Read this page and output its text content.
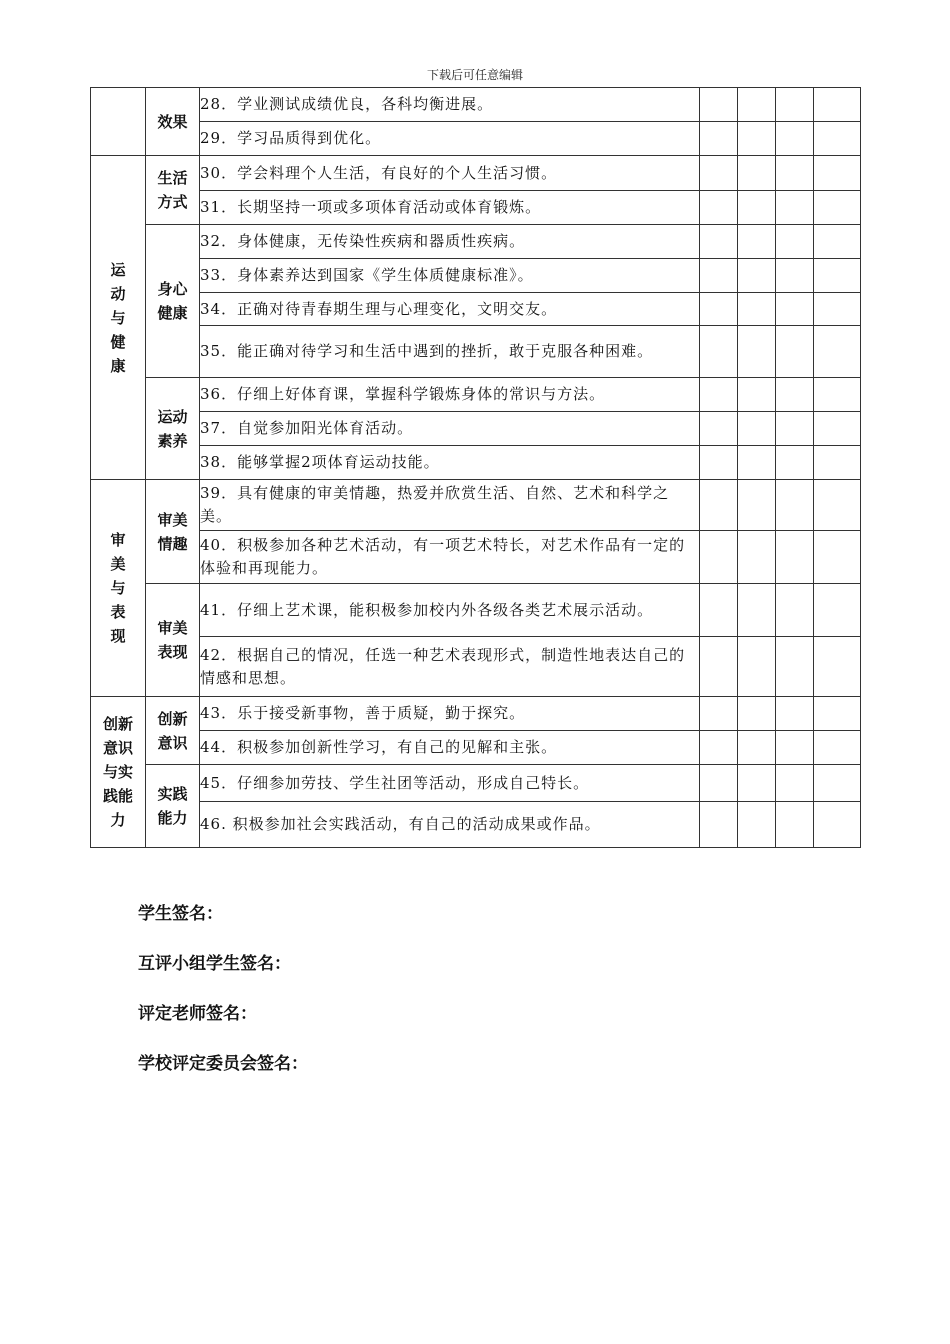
下载后可任意编辑
	效果	28．学业测试成绩优良，各科均衡进展。				
		29．学习品质得到优化。				
运动与健康	生活方式	30．学会料理个人生活，有良好的个人生活习惯。				
		31．长期坚持一项或多项体育活动或体育锻炼。				
	身心健康	32．身体健康，无传染性疾病和器质性疾病。				
		33．身体素养达到国家《学生体质健康标准》。				
		34．正确对待青春期生理与心理变化，文明交友。				
		35．能正确对待学习和生活中遇到的挫折，敢于克服各种困难。				
	运动素养	36．仔细上好体育课，掌握科学锻炼身体的常识与方法。				
		37．自觉参加阳光体育活动。				
		38．能够掌握2项体育运动技能。				
审美与表现	审美情趣	39．具有健康的审美情趣，热爱并欣赏生活、自然、艺术和科学之美。				
		40．积极参加各种艺术活动，有一项艺术特长，对艺术作品有一定的体验和再现能力。				
	审美表现	41．仔细上艺术课，能积极参加校内外各级各类艺术展示活动。				
		42．根据自己的情况，任选一种艺术表现形式，制造性地表达自己的情感和思想。				
创新意识与实践能力	创新意识	43．乐于接受新事物，善于质疑，勤于探究。				
		44．积极参加创新性学习，有自己的见解和主张。				
	实践能力	45．仔细参加劳技、学生社团等活动，形成自己特长。				
		46. 积极参加社会实践活动，有自己的活动成果或作品。				
学生签名：
互评小组学生签名：
评定老师签名：
学校评定委员会签名：
